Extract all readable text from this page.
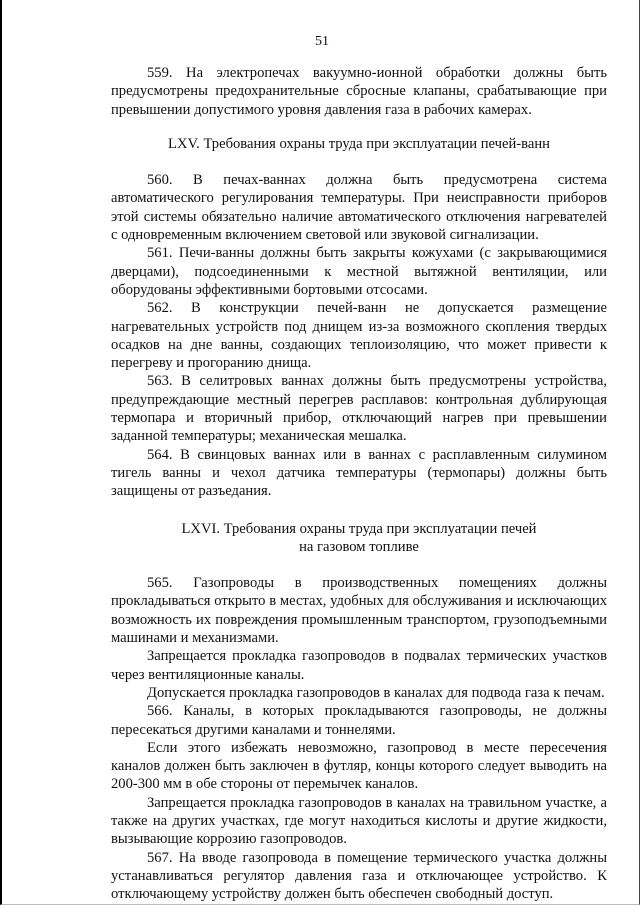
51

559. На электропечах вакуумно-ионной обработки должны быть предусмотрены предохранительные сбросные клапаны, срабатывающие при превышении допустимого уровня давления газа в рабочих камерах.

LXV. Требования охраны труда при эксплуатации печей-ванн

560. В печах-ваннах должна быть предусмотрена система автоматического регулирования температуры. При неисправности приборов этой системы обязательно наличие автоматического отключения нагревателей с одновременным включением световой или звуковой сигнализации.

561. Печи-ванны должны быть закрыты кожухами (с закрывающимися дверцами), подсоединенными к местной вытяжной вентиляции, или оборудованы эффективными бортовыми отсосами.

562. В конструкции печей-ванн не допускается размещение нагревательных устройств под днищем из-за возможного скопления твердых осадков на дне ванны, создающих теплоизоляцию, что может привести к перегреву и прогоранию днища.

563. В селитровых ваннах должны быть предусмотрены устройства, предупреждающие местный перегрев расплавов: контрольная дублирующая термопара и вторичный прибор, отключающий нагрев при превышении заданной температуры; механическая мешалка.

564. В свинцовых ваннах или в ваннах с расплавленным силумином тигель ванны и чехол датчика температуры (термопары) должны быть защищены от разъедания.

LXVI. Требования охраны труда при эксплуатации печей
на газовом топливе

565. Газопроводы в производственных помещениях должны прокладываться открыто в местах, удобных для обслуживания и исключающих возможность их повреждения промышленным транспортом, грузоподъемными машинами и механизмами.

Запрещается прокладка газопроводов в подвалах термических участков через вентиляционные каналы.

Допускается прокладка газопроводов в каналах для подвода газа к печам.

566. Каналы, в которых прокладываются газопроводы, не должны пересекаться другими каналами и тоннелями.

Если этого избежать невозможно, газопровод в месте пересечения каналов должен быть заключен в футляр, концы которого следует выводить на 200-300 мм в обе стороны от перемычек каналов.

Запрещается прокладка газопроводов в каналах на травильном участке, а также на других участках, где могут находиться кислоты и другие жидкости, вызывающие коррозию газопроводов.

567. На вводе газопровода в помещение термического участка должны устанавливаться регулятор давления газа и отключающее устройство. К отключающему устройству должен быть обеспечен свободный доступ.
